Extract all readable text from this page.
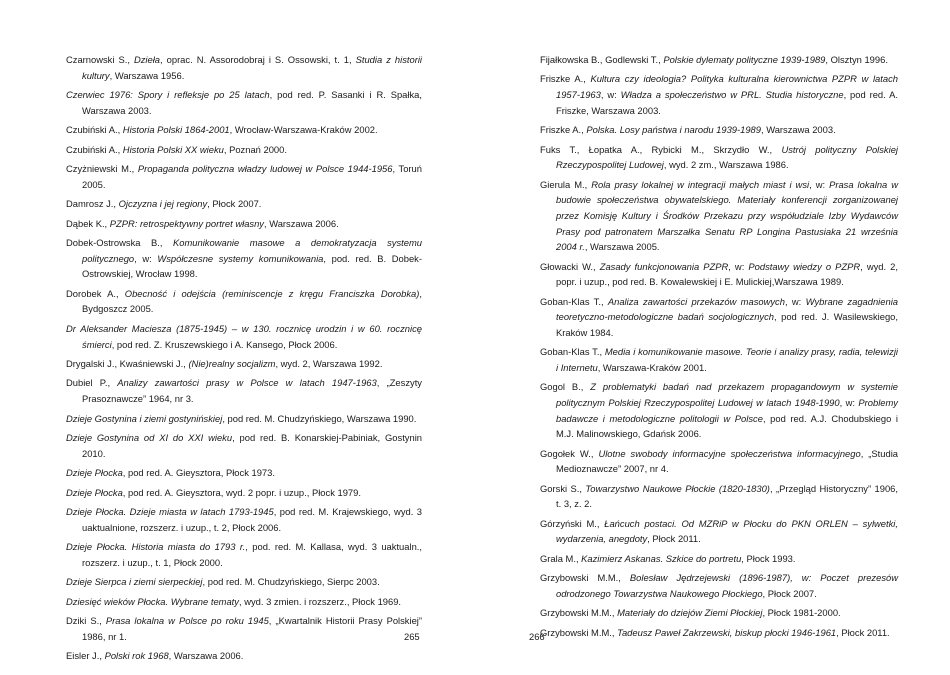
Czarnowski S., Dzieła, oprac. N. Assorodobraj i S. Ossowski, t. 1, Studia z historii kultury, Warszawa 1956.

Czerwiec 1976: Spory i refleksje po 25 latach, pod red. P. Sasanki i R. Spałka, Warszawa 2003.

Czubiński A., Historia Polski 1864-2001, Wrocław-Warszawa-Kraków 2002.

Czubiński A., Historia Polski XX wieku, Poznań 2000.

Czyżniewski M., Propaganda polityczna władzy ludowej w Polsce 1944-1956, Toruń 2005.

Damrosz J., Ojczyzna i jej regiony, Płock 2007.

Dąbek K., PZPR: retrospektywny portret własny, Warszawa 2006.

Dobek-Ostrowska B., Komunikowanie masowe a demokratyzacja systemu politycznego, w: Współczesne systemy komunikowania, pod. red. B. Dobek-Ostrowskiej, Wrocław 1998.

Dorobek A., Obecność i odejścia (reminiscencje z kręgu Franciszka Dorobka), Bydgoszcz 2005.

Dr Aleksander Maciesza (1875-1945) – w 130. rocznicę urodzin i w 60. rocznicę śmierci, pod red. Z. Kruszewskiego i A. Kansego, Płock 2006.

Drygalski J., Kwaśniewski J., (Nie)realny socjalizm, wyd. 2, Warszawa 1992.

Dubiel P., Analizy zawartości prasy w Polsce w latach 1947-1963, „Zeszyty Prasoznawcze” 1964, nr 3.

Dzieje Gostynina i ziemi gostynińskiej, pod red. M. Chudzyńskiego, Warszawa 1990.

Dzieje Gostynina od XI do XXI wieku, pod red. B. Konarskiej-Pabiniak, Gostynin 2010.

Dzieje Płocka, pod red. A. Gieysztora, Płock 1973.

Dzieje Płocka, pod red. A. Gieysztora, wyd. 2 popr. i uzup., Płock 1979.

Dzieje Płocka. Dzieje miasta w latach 1793-1945, pod red. M. Krajewskiego, wyd. 3 uaktualnione, rozszerz. i uzup., t. 2, Płock 2006.

Dzieje Płocka. Historia miasta do 1793 r., pod. red. M. Kallasa, wyd. 3 uaktualn., rozszerz. i uzup., t. 1, Płock 2000.

Dzieje Sierpca i ziemi sierpeckiej, pod red. M. Chudzyńskiego, Sierpc 2003.

Dziesięć wieków Płocka. Wybrane tematy, wyd. 3 zmien. i rozszerz., Płock 1969.

Dziki S., Prasa lokalna w Polsce po roku 1945, „Kwartalnik Historii Prasy Polskiej” 1986, nr 1.

Eisler J., Polski rok 1968, Warszawa 2006.

265

Fijałkowska B., Godlewski T., Polskie dylematy polityczne 1939-1989, Olsztyn 1996.

Friszke A., Kultura czy ideologia? Polityka kulturalna kierownictwa PZPR w latach 1957-1963, w: Władza a społeczeństwo w PRL. Studia historyczne, pod red. A. Friszke, Warszawa 2003.

Friszke A., Polska. Losy państwa i narodu 1939-1989, Warszawa 2003.

Fuks T., Łopatka A., Rybicki M., Skrzydło W., Ustrój polityczny Polskiej Rzeczypospolitej Ludowej, wyd. 2 zm., Warszawa 1986.

Gierula M., Rola prasy lokalnej w integracji małych miast i wsi, w: Prasa lokalna w budowie społeczeństwa obywatelskiego. Materiały konferencji zorganizowanej przez Komisję Kultury i Środków Przekazu przy współudziale Izby Wydawców Prasy pod patronatem Marszałka Senatu RP Longina Pastusiaka 21 września 2004 r., Warszawa 2005.

Głowacki W., Zasady funkcjonowania PZPR, w: Podstawy wiedzy o PZPR, wyd. 2, popr. i uzup., pod red. B. Kowalewskiej i E. Mulickiej,Warszawa 1989.

Goban-Klas T., Analiza zawartości przekazów masowych, w: Wybrane zagadnienia teoretyczno-metodologiczne badań socjologicznych, pod red. J. Wasilewskiego, Kraków 1984.

Goban-Klas T., Media i komunikowanie masowe. Teorie i analizy prasy, radia, telewizji i Internetu, Warszawa-Kraków 2001.

Gogol B., Z problematyki badań nad przekazem propagandowym w systemie politycznym Polskiej Rzeczypospolitej Ludowej w latach 1948-1990, w: Problemy badawcze i metodologiczne politologii w Polsce, pod red. A.J. Chodubskiego i M.J. Malinowskiego, Gdańsk 2006.

Gogołek W., Ulotne swobody informacyjne społeczeństwa informacyjnego, „Studia Medioznawcze” 2007, nr 4.

Gorski S., Towarzystwo Naukowe Płockie (1820-1830), „Przegląd Historyczny” 1906, t. 3, z. 2.

Górzyński M., Łańcuch postaci. Od MZRiP w Płocku do PKN ORLEN – sylwetki, wydarzenia, anegdoty, Płock 2011.

Grala M., Kazimierz Askanas. Szkice do portretu, Płock 1993.

Grzybowski M.M., Bolesław Jędrzejewski (1896-1987), w: Poczet prezesów odrodzonego Towarzystwa Naukowego Płockiego, Płock 2007.

Grzybowski M.M., Materiały do dziejów Ziemi Płockiej, Płock 1981-2000.

Grzybowski M.M., Tadeusz Paweł Zakrzewski, biskup płocki 1946-1961, Płock 2011.

266
